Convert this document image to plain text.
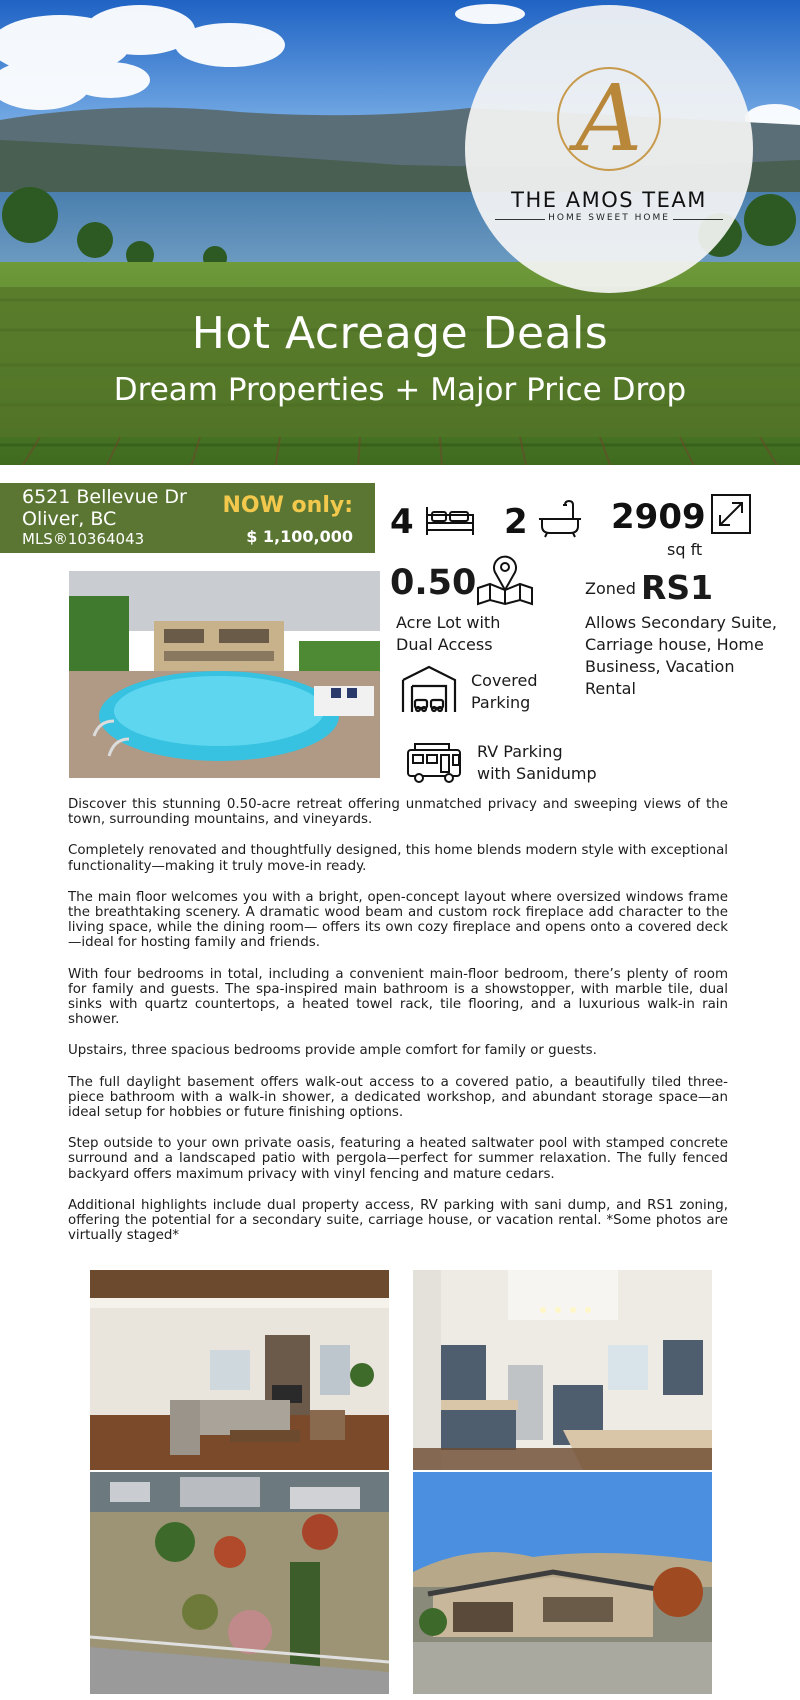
Hot Acreage Deals
Dream Properties + Major Price Drop
A
THE AMOS TEAM
HOME SWEET HOME
6521 Bellevue Dr
Oliver, BC
MLS®10364043
NOW only:
$ 1,100,000 4	2 2909
sq ft
0.50
Acre Lot with
Dual Access
Zoned RS1
Allows Secondary Suite,
Carriage house, Home
Business, Vacation
Rental
Covered
Parking
RV Parking
with Sanidump

Discover this stunning 0.50-acre retreat offering unmatched privacy and sweeping views of the town, surrounding mountains, and vineyards.

Completely renovated and thoughtfully designed, this home blends modern style with exceptional functionality—making it truly move-in ready.

The main floor welcomes you with a bright, open-concept layout where oversized windows frame the breathtaking scenery. A dramatic wood beam and custom rock fireplace add character to the living space, while the dining room— offers its own cozy fireplace and opens onto a covered deck—ideal for hosting family and friends.

With four bedrooms in total, including a convenient main-floor bedroom, there’s plenty of room for family and guests. The spa-inspired main bathroom is a showstopper, with marble tile, dual sinks with quartz countertops, a heated towel rack, tile flooring, and a luxurious walk-in rain shower.

Upstairs, three spacious bedrooms provide ample comfort for family or guests.

The full daylight basement offers walk-out access to a covered patio, a beautifully tiled three-piece bathroom with a walk-in shower, a dedicated workshop, and abundant storage space—an ideal setup for hobbies or future finishing options.

Step outside to your own private oasis, featuring a heated saltwater pool with stamped concrete surround and a landscaped patio with pergola—perfect for summer relaxation. The fully fenced backyard offers maximum privacy with vinyl fencing and mature cedars.

Additional highlights include dual property access, RV parking with sani dump, and RS1 zoning, offering the potential for a secondary suite, carriage house, or vacation rental. *Some photos are virtually staged*
